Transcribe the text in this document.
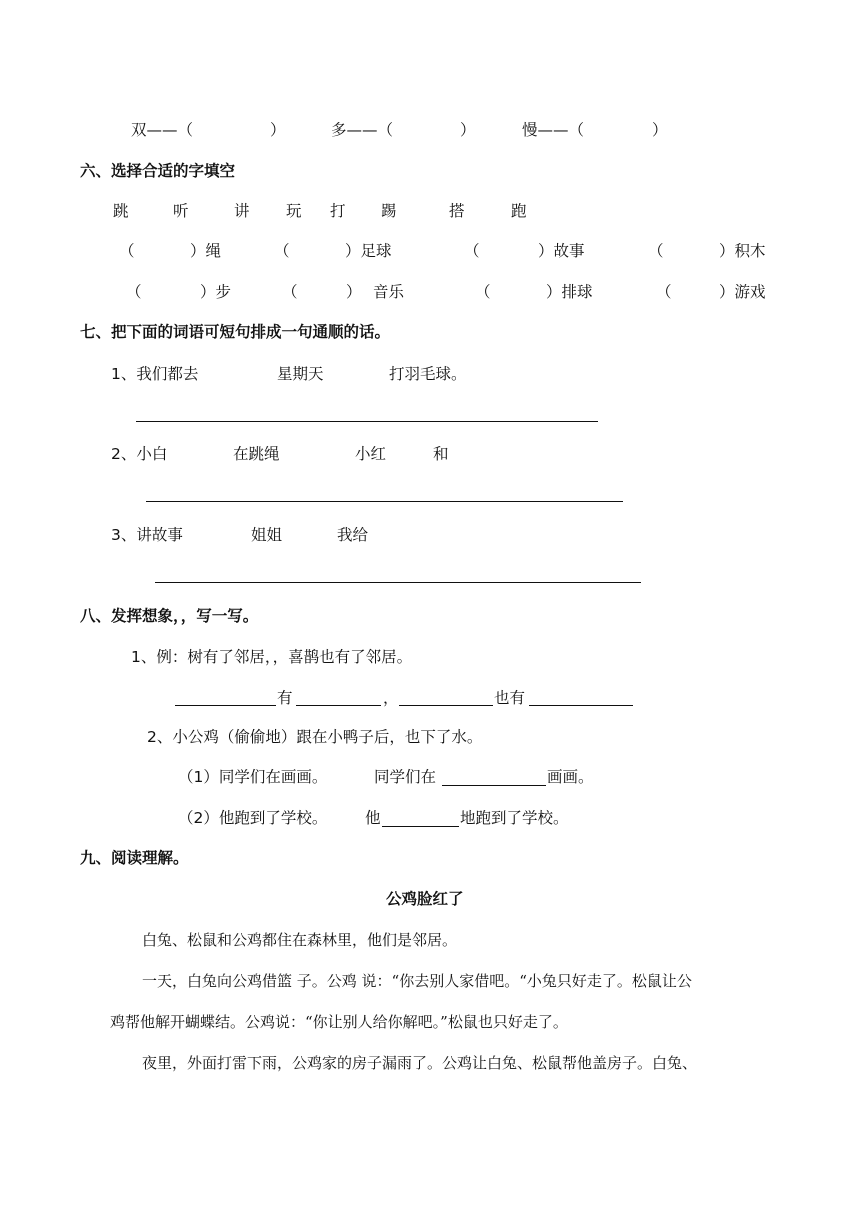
双——（	）	多——（	）	慢——（	）
六、选择合适的字填空
跳	听	讲 玩 打 踢	搭	跑
（	）绳	（	）足球	（	）故事	（	）积木
（	）步	（	） 音乐	（	）排球	（	）游戏
七、把下面的词语可短句排成一句通顺的话。
1、我们都去	星期天	打羽毛球。
2、小白	在跳绳	小红	和
3、讲故事	姐姐	我给
八、发挥想象，，写一写。
1、例：树有了邻居，，喜鹊也有了邻居。
有	，	也有
2、小公鸡（偷偷地）跟在小鸭子后，也下了水。
（1）同学们在画画。	同学们在	画画。
（2）他跑到了学校。 他	地跑到了学校。
九、阅读理解。
公鸡脸红了
白兔、松鼠和公鸡都住在森林里，他们是邻居。
一天，白兔向公鸡借篮 子。公鸡 说：“你去别人家借吧。“小兔只好走了。松鼠让公
鸡帮他解开蝴蝶结。公鸡说：“你让别人给你解吧。”松鼠也只好走了。
夜里，外面打雷下雨，公鸡家的房子漏雨了。公鸡让白兔、松鼠帮他盖房子。白兔、
